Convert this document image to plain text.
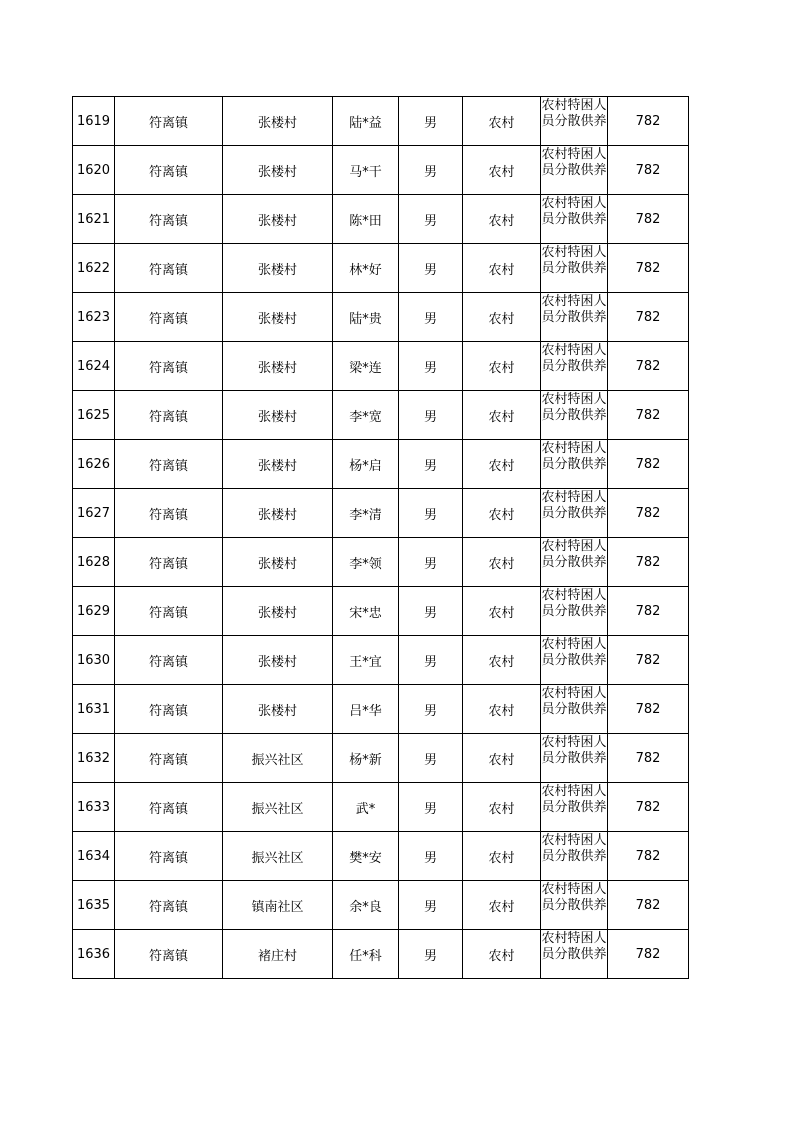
1619	符离镇	张楼村	陆*益	男	农村	农村特困人员分散供养	782
1620	符离镇	张楼村	马*干	男	农村	农村特困人员分散供养	782
1621	符离镇	张楼村	陈*田	男	农村	农村特困人员分散供养	782
1622	符离镇	张楼村	林*好	男	农村	农村特困人员分散供养	782
1623	符离镇	张楼村	陆*贵	男	农村	农村特困人员分散供养	782
1624	符离镇	张楼村	梁*连	男	农村	农村特困人员分散供养	782
1625	符离镇	张楼村	李*宽	男	农村	农村特困人员分散供养	782
1626	符离镇	张楼村	杨*启	男	农村	农村特困人员分散供养	782
1627	符离镇	张楼村	李*清	男	农村	农村特困人员分散供养	782
1628	符离镇	张楼村	李*领	男	农村	农村特困人员分散供养	782
1629	符离镇	张楼村	宋*忠	男	农村	农村特困人员分散供养	782
1630	符离镇	张楼村	王*宜	男	农村	农村特困人员分散供养	782
1631	符离镇	张楼村	吕*华	男	农村	农村特困人员分散供养	782
1632	符离镇	振兴社区	杨*新	男	农村	农村特困人员分散供养	782
1633	符离镇	振兴社区	武*	男	农村	农村特困人员分散供养	782
1634	符离镇	振兴社区	樊*安	男	农村	农村特困人员分散供养	782
1635	符离镇	镇南社区	余*良	男	农村	农村特困人员分散供养	782
1636	符离镇	褚庄村	任*科	男	农村	农村特困人员分散供养	782
